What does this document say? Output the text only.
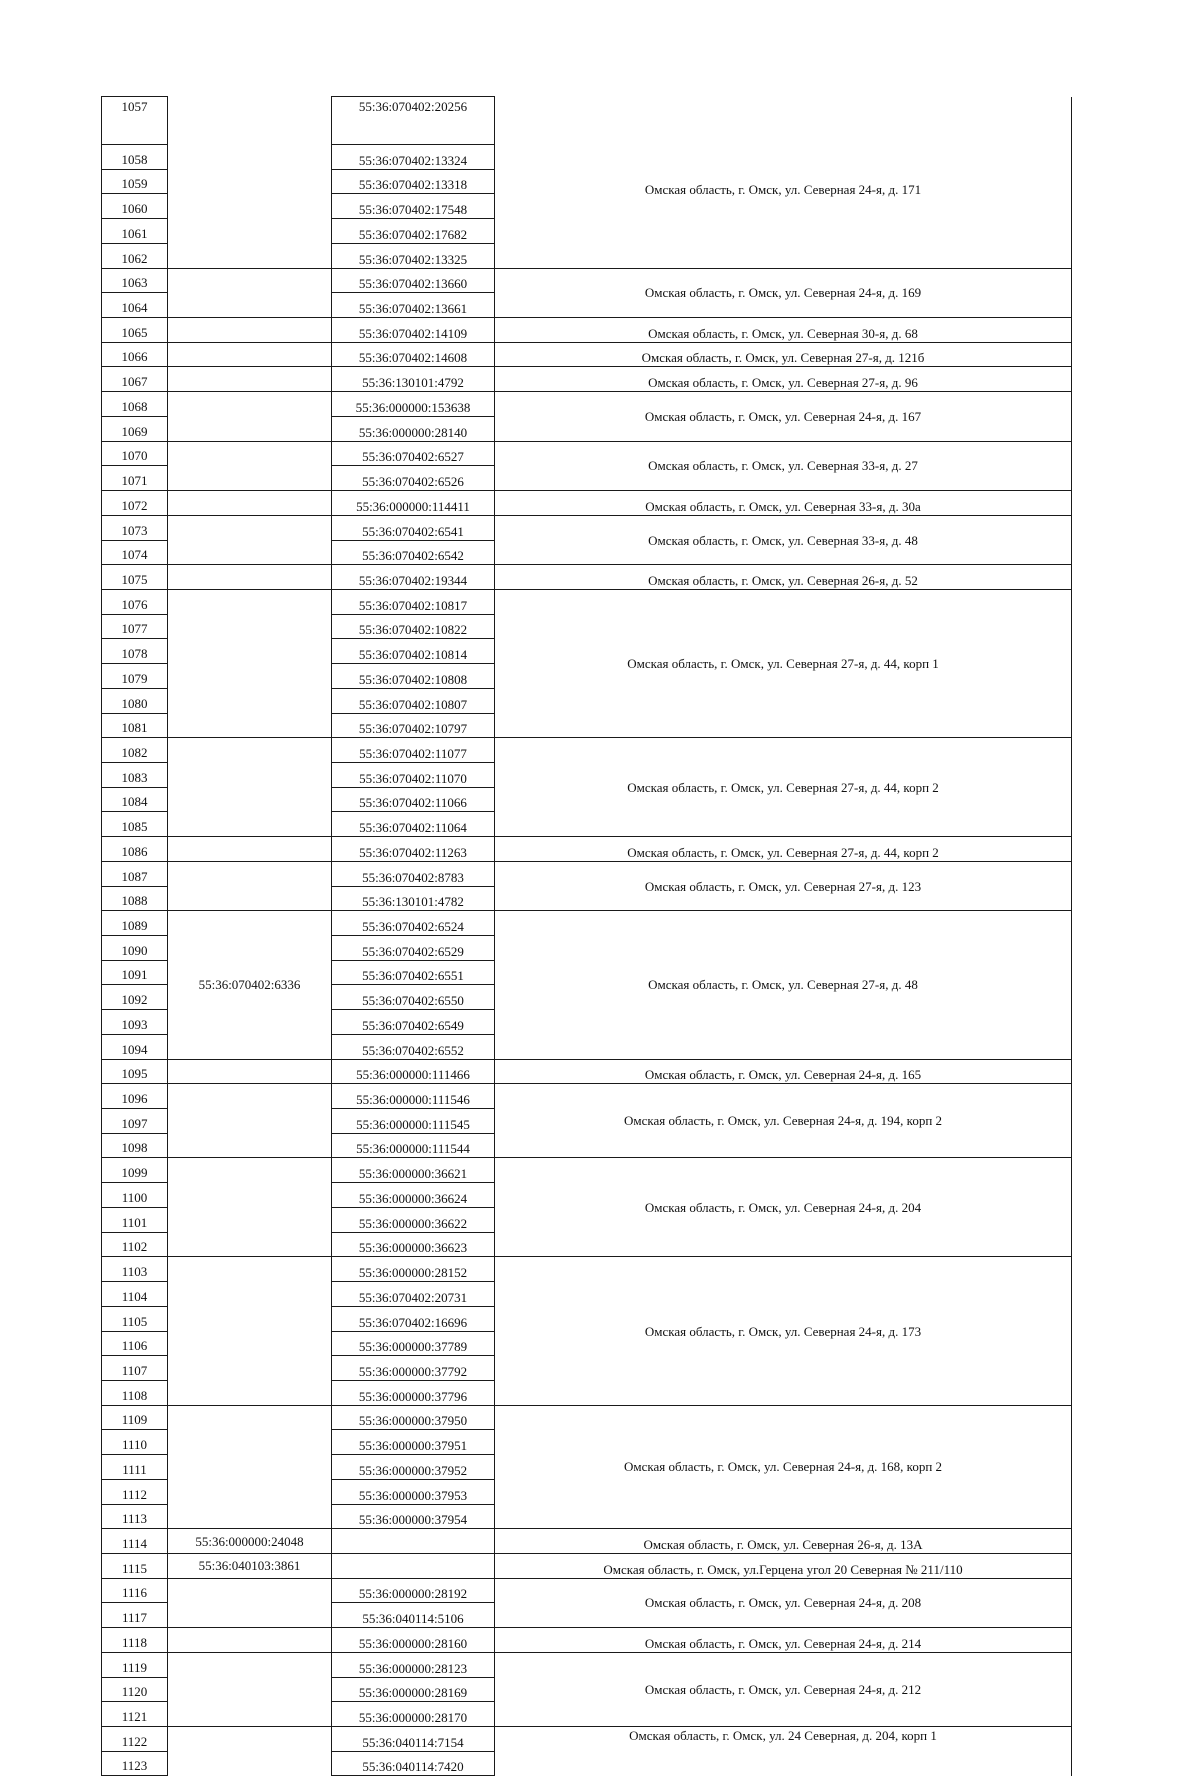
1057		55:36:070402:20256	Омская область, г. Омск, ул. Северная 24-я, д. 171
1058		55:36:070402:13324	
1059		55:36:070402:13318	
1060		55:36:070402:17548	
1061		55:36:070402:17682	
1062		55:36:070402:13325	
1063		55:36:070402:13660	Омская область, г. Омск, ул. Северная 24-я, д. 169
1064		55:36:070402:13661	
1065		55:36:070402:14109	Омская область, г. Омск, ул. Северная 30-я, д. 68
1066		55:36:070402:14608	Омская область, г. Омск, ул. Северная 27-я, д. 121б
1067		55:36:130101:4792	Омская область, г. Омск, ул. Северная 27-я, д. 96
1068		55:36:000000:153638	Омская область, г. Омск, ул. Северная 24-я, д. 167
1069		55:36:000000:28140	
1070		55:36:070402:6527	Омская область, г. Омск, ул. Северная 33-я, д. 27
1071		55:36:070402:6526	
1072		55:36:000000:114411	Омская область, г. Омск, ул. Северная 33-я, д. 30а
1073		55:36:070402:6541	Омская область, г. Омск, ул. Северная 33-я, д. 48
1074		55:36:070402:6542	
1075		55:36:070402:19344	Омская область, г. Омск, ул. Северная 26-я, д. 52
1076		55:36:070402:10817	Омская область, г. Омск, ул. Северная 27-я, д. 44, корп 1
1077		55:36:070402:10822	
1078		55:36:070402:10814	
1079		55:36:070402:10808	
1080		55:36:070402:10807	
1081		55:36:070402:10797	
1082		55:36:070402:11077	Омская область, г. Омск, ул. Северная 27-я, д. 44, корп 2
1083		55:36:070402:11070	
1084		55:36:070402:11066	
1085		55:36:070402:11064	
1086		55:36:070402:11263	Омская область, г. Омск, ул. Северная 27-я, д. 44, корп 2
1087		55:36:070402:8783	Омская область, г. Омск, ул. Северная 27-я, д. 123
1088		55:36:130101:4782	
1089	55:36:070402:6336	55:36:070402:6524	Омская область, г. Омск, ул. Северная 27-я, д. 48
1090		55:36:070402:6529	
1091		55:36:070402:6551	
1092		55:36:070402:6550	
1093		55:36:070402:6549	
1094		55:36:070402:6552	
1095		55:36:000000:111466	Омская область, г. Омск, ул. Северная 24-я, д. 165
1096		55:36:000000:111546	Омская область, г. Омск, ул. Северная 24-я, д. 194, корп 2
1097		55:36:000000:111545	
1098		55:36:000000:111544	
1099		55:36:000000:36621	Омская область, г. Омск, ул. Северная 24-я, д. 204
1100		55:36:000000:36624	
1101		55:36:000000:36622	
1102		55:36:000000:36623	
1103		55:36:000000:28152	Омская область, г. Омск, ул. Северная 24-я, д. 173
1104		55:36:070402:20731	
1105		55:36:070402:16696	
1106		55:36:000000:37789	
1107		55:36:000000:37792	
1108		55:36:000000:37796	
1109		55:36:000000:37950	Омская область, г. Омск, ул. Северная 24-я, д. 168, корп 2
1110		55:36:000000:37951	
1111		55:36:000000:37952	
1112		55:36:000000:37953	
1113		55:36:000000:37954	
1114	55:36:000000:24048		Омская область, г. Омск, ул. Северная 26-я, д. 13А
1115	55:36:040103:3861		Омская область, г. Омск, ул.Герцена угол 20 Северная № 211/110
1116		55:36:000000:28192	Омская область, г. Омск, ул. Северная 24-я, д. 208
1117		55:36:040114:5106	
1118		55:36:000000:28160	Омская область, г. Омск, ул. Северная 24-я, д. 214
1119		55:36:000000:28123	Омская область, г. Омск, ул. Северная 24-я, д. 212
1120		55:36:000000:28169	
1121		55:36:000000:28170	
1122		55:36:040114:7154	Омская область, г. Омск, ул. 24 Северная, д. 204, корп 1
1123		55:36:040114:7420	
